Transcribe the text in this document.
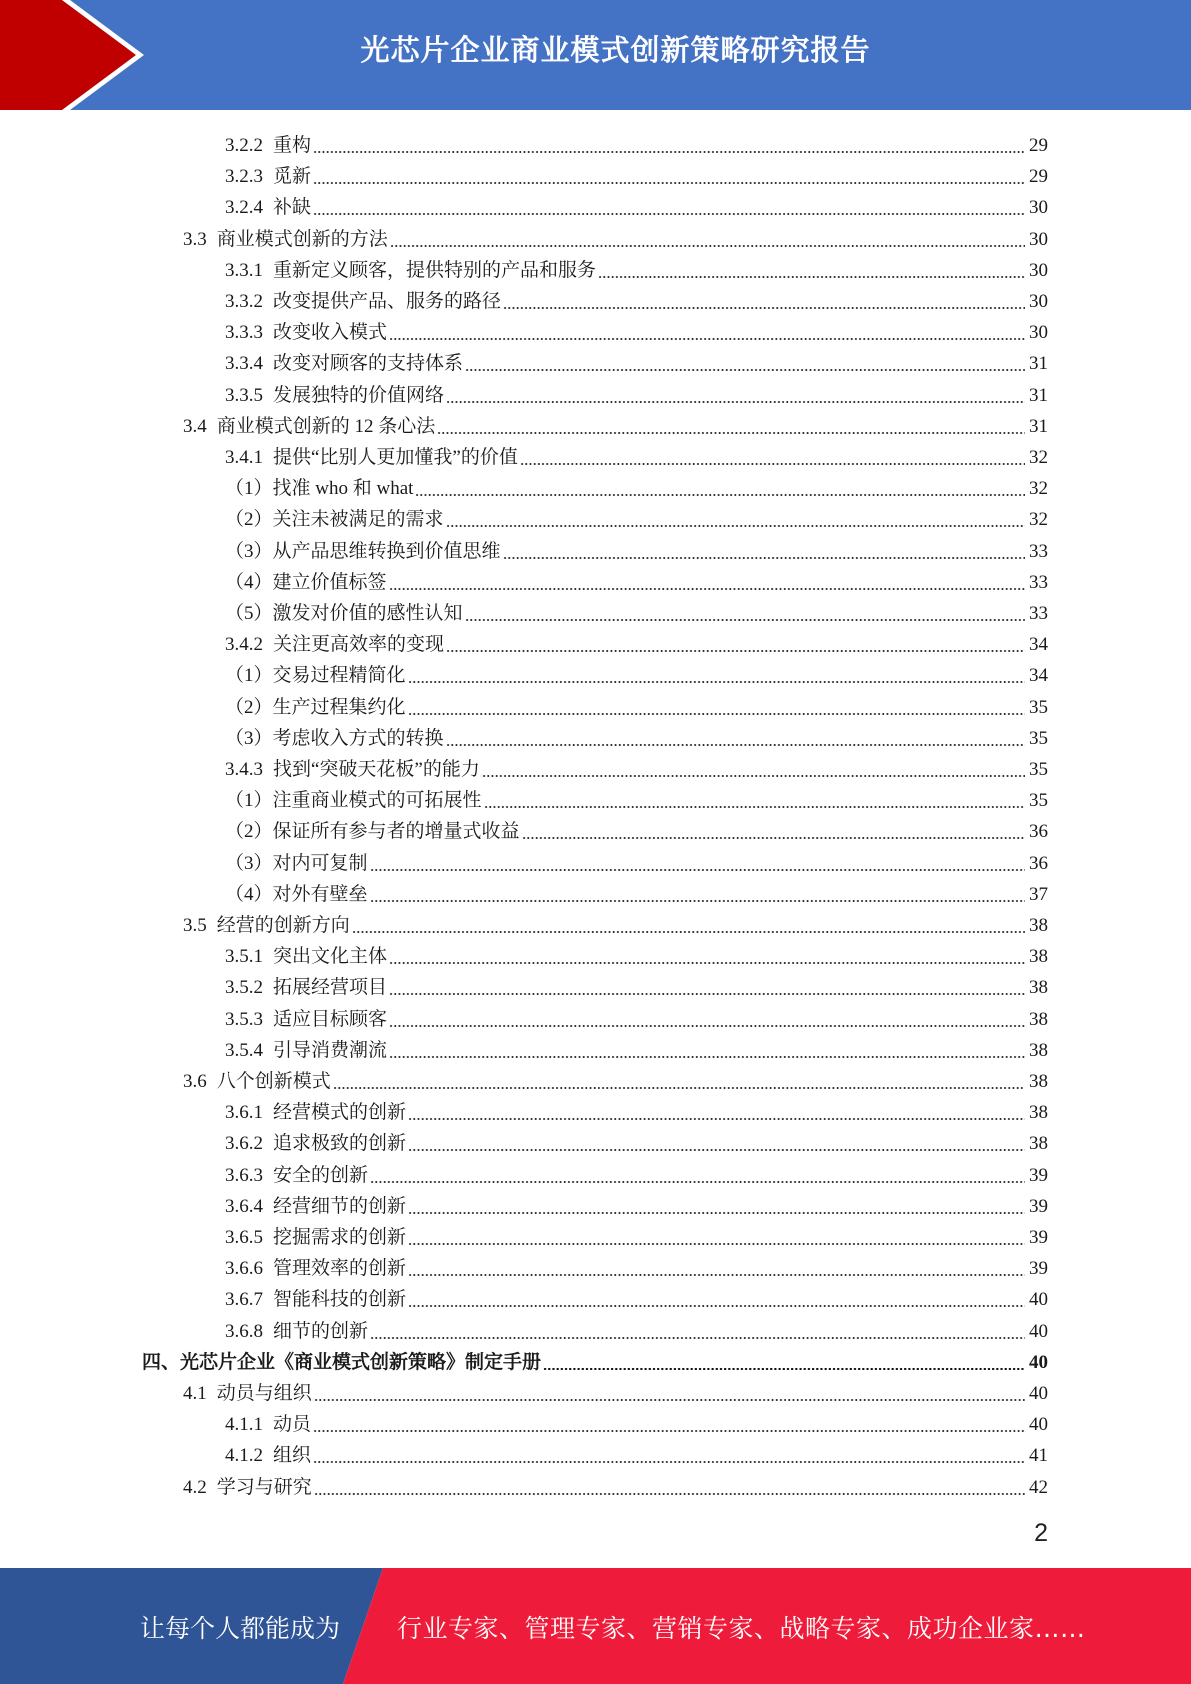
光芯片企业商业模式创新策略研究报告
3.2.2 重构	29
3.2.3 觅新	29
3.2.4 补缺	30
3.3 商业模式创新的方法	30
3.3.1 重新定义顾客，提供特别的产品和服务	30
3.3.2 改变提供产品、服务的路径	30
3.3.3 改变收入模式	30
3.3.4 改变对顾客的支持体系	31
3.3.5 发展独特的价值网络	31
3.4 商业模式创新的 12 条心法	31
3.4.1 提供“比别人更加懂我”的价值	32
（1） 找准 who 和 what	32
（2） 关注未被满足的需求	32
（3） 从产品思维转换到价值思维	33
（4） 建立价值标签	33
（5） 激发对价值的感性认知	33
3.4.2 关注更高效率的变现	34
（1） 交易过程精简化	34
（2） 生产过程集约化	35
（3） 考虑收入方式的转换	35
3.4.3 找到“突破天花板”的能力	35
（1） 注重商业模式的可拓展性	35
（2） 保证所有参与者的增量式收益	36
（3） 对内可复制	36
（4） 对外有壁垒	37
3.5 经营的创新方向	38
3.5.1 突出文化主体	38
3.5.2 拓展经营项目	38
3.5.3 适应目标顾客	38
3.5.4 引导消费潮流	38
3.6 八个创新模式	38
3.6.1 经营模式的创新	38
3.6.2 追求极致的创新	38
3.6.3 安全的创新	39
3.6.4 经营细节的创新	39
3.6.5 挖掘需求的创新	39
3.6.6 管理效率的创新	39
3.6.7 智能科技的创新	40
3.6.8 细节的创新	40
四、 光芯片企业《商业模式创新策略》制定手册	40
4.1 动员与组织	40
4.1.1 动员	40
4.1.2 组织	41
4.2 学习与研究	42
2
让每个人都能成为 行业专家、管理专家、营销专家、战略专家、成功企业家……
